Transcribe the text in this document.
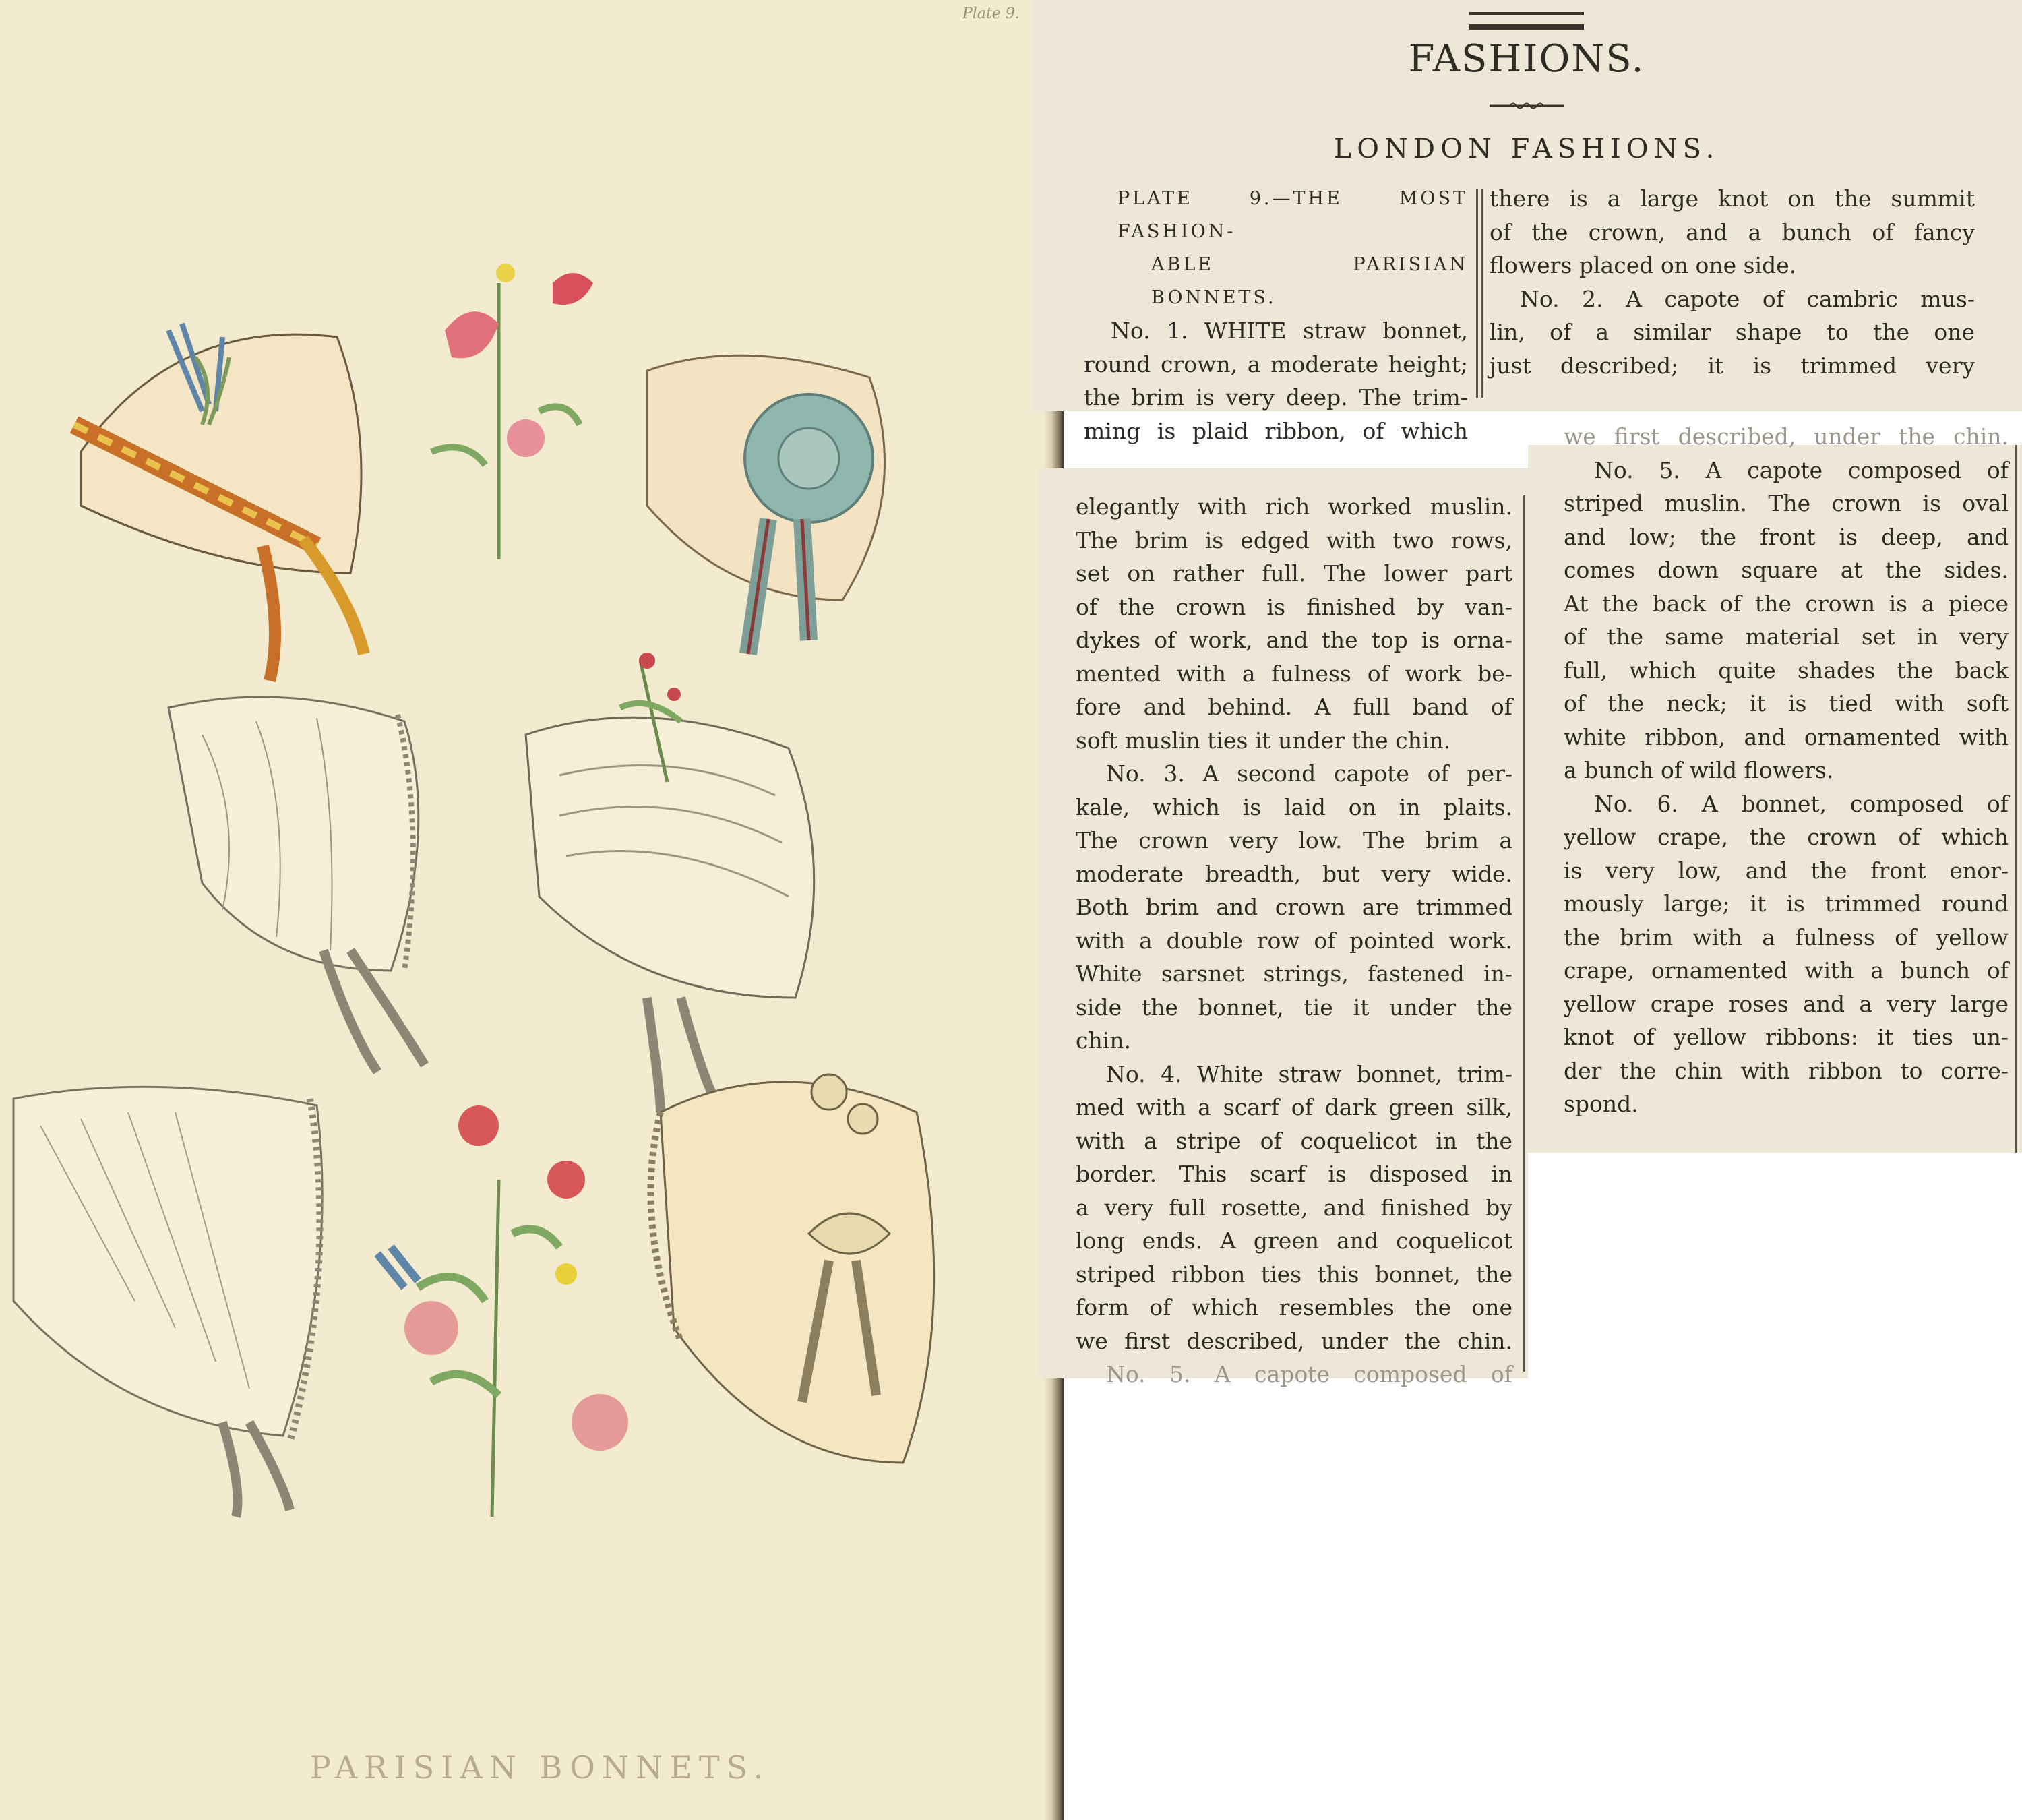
Plate 9.
PARISIAN BONNETS.
FASHIONS.
LONDON FASHIONS.

PLATE 9.—THE MOST FASHION-

ABLE PARISIAN BONNETS.

No. 1. WHITE straw bonnet,

round crown, a moderate height;

the brim is very deep. The trim-

ming is plaid ribbon, of which

there is a large knot on the summit

of the crown, and a bunch of fancy

flowers placed on one side.

No. 2. A capote of cambric mus-

lin, of a similar shape to the one

just described; it is trimmed very

elegantly with rich worked muslin.

The brim is edged with two rows,

set on rather full. The lower part

of the crown is finished by van-

dykes of work, and the top is orna-

mented with a fulness of work be-

fore and behind. A full band of

soft muslin ties it under the chin.

No. 3. A second capote of per-

kale, which is laid on in plaits.

The crown very low. The brim a

moderate breadth, but very wide.

Both brim and crown are trimmed

with a double row of pointed work.

White sarsnet strings, fastened in-

side the bonnet, tie it under the

chin.

No. 4. White straw bonnet, trim-

med with a scarf of dark green silk,

with a stripe of coquelicot in the

border. This scarf is disposed in

a very full rosette, and finished by

long ends. A green and coquelicot

striped ribbon ties this bonnet, the

form of which resembles the one

we first described, under the chin.

No. 5. A capote composed of

we first described, under the chin.

No. 5. A capote composed of

striped muslin. The crown is oval

and low; the front is deep, and

comes down square at the sides.

At the back of the crown is a piece

of the same material set in very

full, which quite shades the back

of the neck; it is tied with soft

white ribbon, and ornamented with

a bunch of wild flowers.

No. 6. A bonnet, composed of

yellow crape, the crown of which

is very low, and the front enor-

mously large; it is trimmed round

the brim with a fulness of yellow

crape, ornamented with a bunch of

yellow crape roses and a very large

knot of yellow ribbons: it ties un-

der the chin with ribbon to corre-

spond.
